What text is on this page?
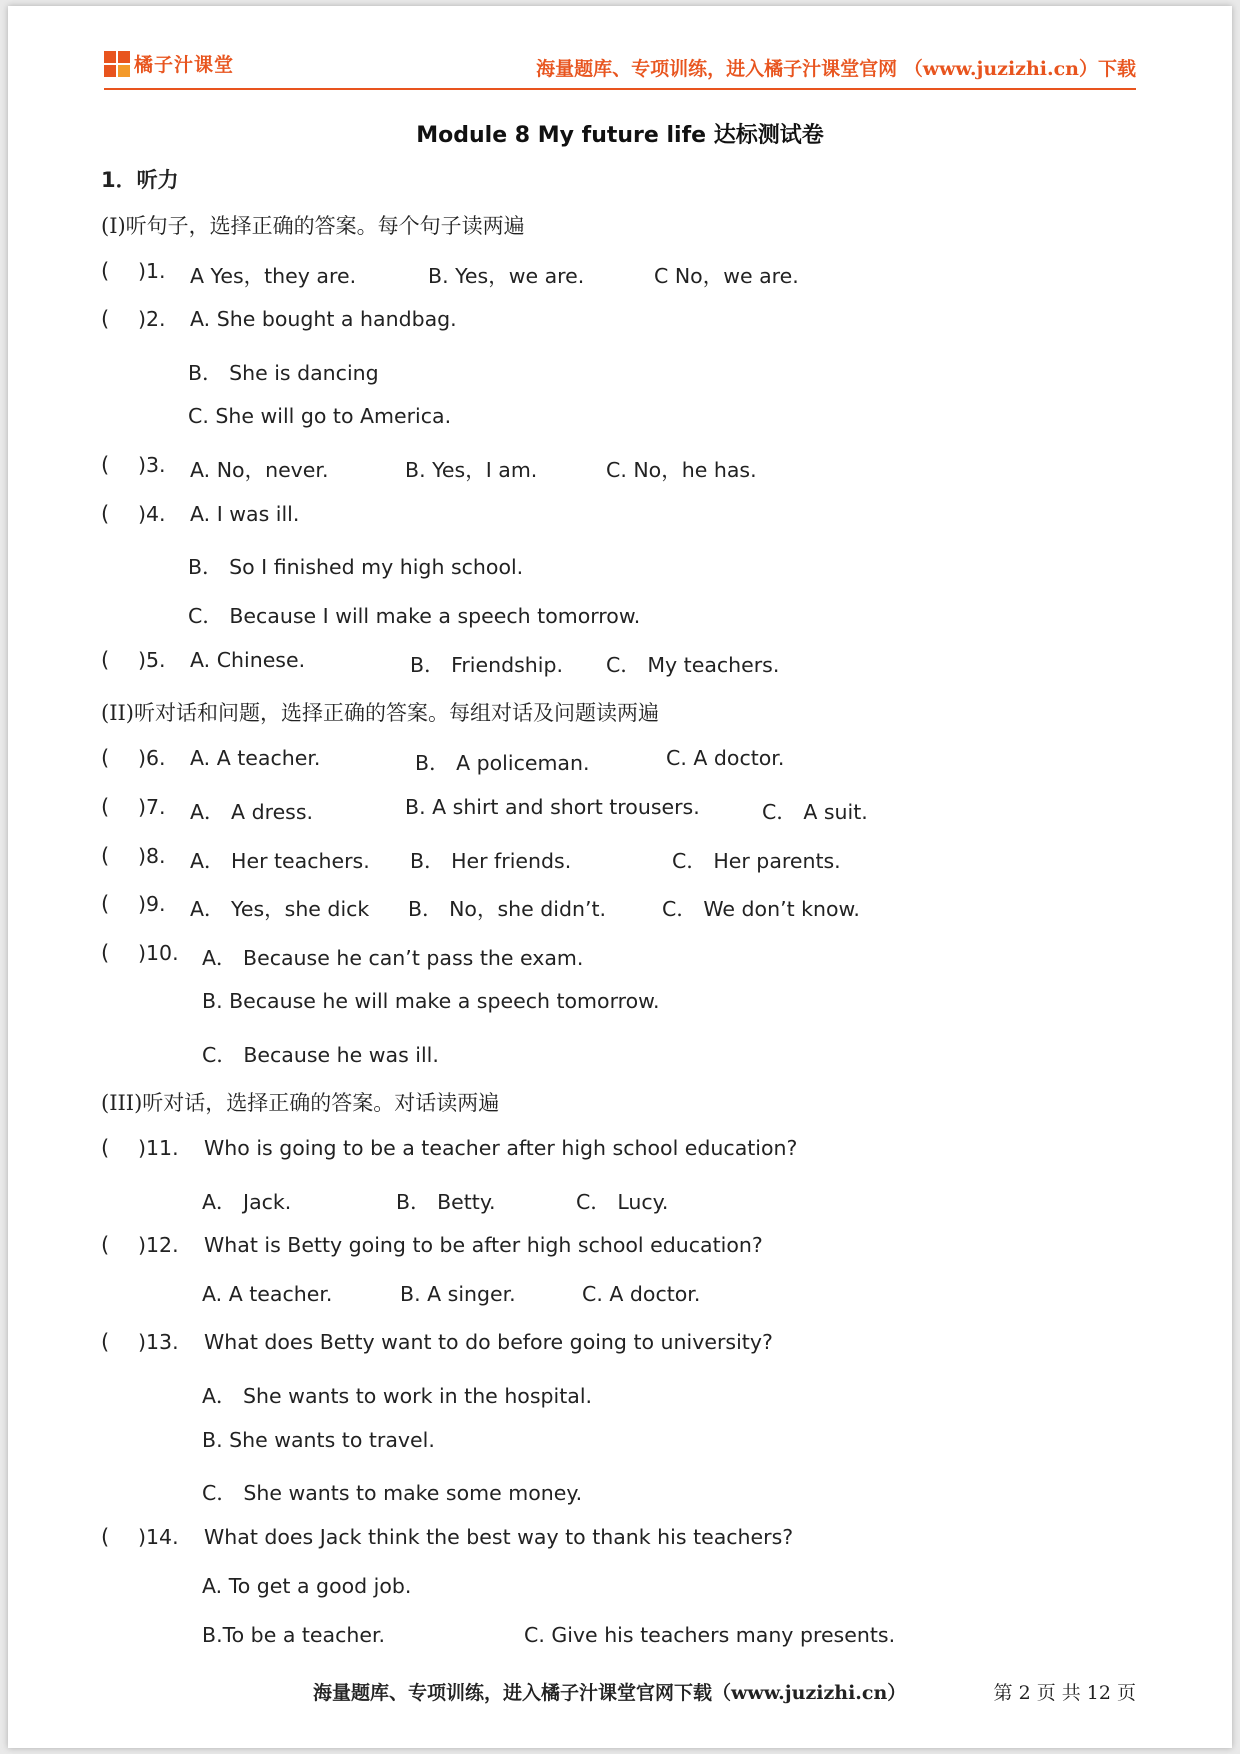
橘子汁课堂	海量题库、专项训练，进入橘子汁课堂官网 （www.juzizhi.cn）下载
Module 8 My future life 达标测试卷
1．听力
(I)听句子，选择正确的答案。每个句子读两遍
( )1. A Yes，they are.	B. Yes，we are.	C No，we are.
( )2. A. She bought a handbag.
B． She is dancing
C. She will go to America.
( )3. A. No，never.	B. Yes，I am.	C. No，he has.
( )4. A. I was ill.
B． So I finished my high school.
C． Because I will make a speech tomorrow.
( )5. A. Chinese.	B． Friendship. C． My teachers.
(II)听对话和问题，选择正确的答案。每组对话及问题读两遍
( )6. A. A teacher.	B． A policeman.	C. A doctor.
( )7. A． A dress.	B. A shirt and short trousers.	C． A suit.
( )8. A． Her teachers. B． Her friends.	C． Her parents.
( )9. A． Yes，she dick B． No，she didn’t.	C． We don’t know.
( )10. A． Because he can’t pass the exam.
B. Because he will make a speech tomorrow.
C． Because he was ill.
(III)听对话，选择正确的答案。对话读两遍
( )11. Who is going to be a teacher after high school education?
A． Jack.	B． Betty.	C． Lucy.
( )12. What is Betty going to be after high school education?
A. A teacher.	B. A singer.	C. A doctor.
( )13. What does Betty want to do before going to university?
A． She wants to work in the hospital.
B. She wants to travel.
C． She wants to make some money.
( )14. What does Jack think the best way to thank his teachers?
A. To get a good job.
B.To be a teacher.	C. Give his teachers many presents.
海量题库、专项训练，进入橘子汁课堂官网下载（www.juzizhi.cn）	第 2 页 共 12 页
